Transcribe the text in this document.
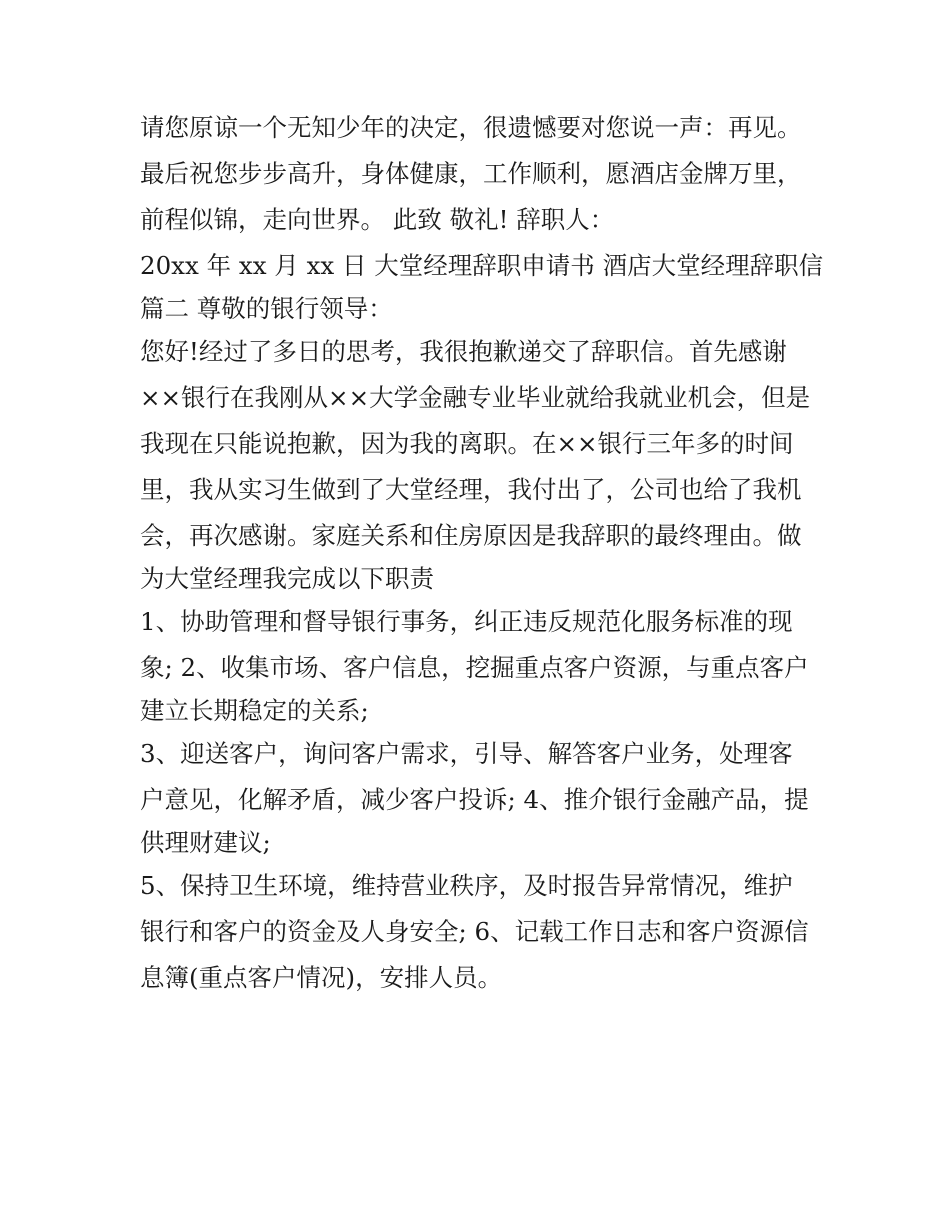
请您原谅一个无知少年的决定，很遗憾要对您说一声：再见。
最后祝您步步高升，身体健康，工作顺利，愿酒店金牌万里，
前程似锦，走向世界。 此致 敬礼! 辞职人：
20xx 年 xx 月 xx 日 大堂经理辞职申请书 酒店大堂经理辞职信
篇二 尊敬的银行领导：
您好!经过了多日的思考，我很抱歉递交了辞职信。首先感谢
××银行在我刚从××大学金融专业毕业就给我就业机会，但是
我现在只能说抱歉，因为我的离职。在××银行三年多的时间
里，我从实习生做到了大堂经理，我付出了，公司也给了我机
会，再次感谢。家庭关系和住房原因是我辞职的最终理由。做
为大堂经理我完成以下职责
1、协助管理和督导银行事务，纠正违反规范化服务标准的现
象; 2、收集市场、客户信息，挖掘重点客户资源，与重点客户
建立长期稳定的关系;
3、迎送客户，询问客户需求，引导、解答客户业务，处理客
户意见，化解矛盾，减少客户投诉; 4、推介银行金融产品，提
供理财建议;
5、保持卫生环境，维持营业秩序，及时报告异常情况，维护
银行和客户的资金及人身安全; 6、记载工作日志和客户资源信
息簿(重点客户情况)，安排人员。
